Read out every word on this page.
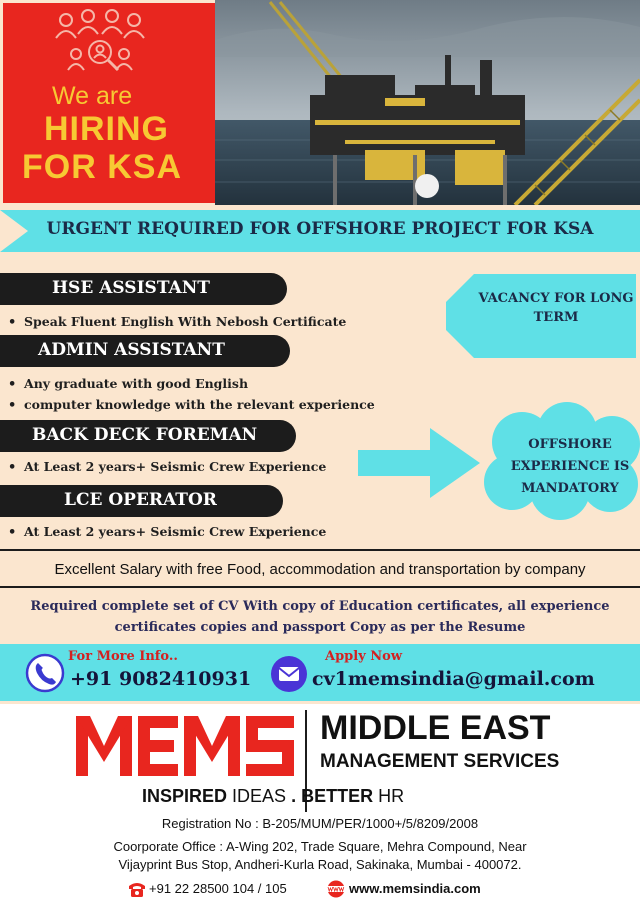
We are
HIRING
FOR KSA
URGENT REQUIRED FOR OFFSHORE PROJECT FOR KSA
HSE ASSISTANT
• Speak Fluent English With Nebosh Certificate
ADMIN ASSISTANT
• Any graduate with good English
• computer knowledge with the relevant experience
BACK DECK FOREMAN
• At Least 2 years+ Seismic Crew Experience
LCE OPERATOR
• At Least 2 years+ Seismic Crew Experience
VACANCY FOR LONG TERM
OFFSHORE
EXPERIENCE IS
MANDATORY
Excellent Salary with free Food, accommodation and transportation by company
Required complete set of CV With copy of Education certificates, all experience
certificates copies and passport Copy as per the Resume
For More Info..
+91 9082410931
Apply Now
cv1memsindia@gmail.com
MIDDLE EAST
MANAGEMENT SERVICES
INSPIRED IDEAS . BETTER HR
Registration No : B-205/MUM/PER/1000+/5/8209/2008
Coorporate Office : A-Wing 202, Trade Square, Mehra Compound, Near
Vijayprint Bus Stop, Andheri-Kurla Road, Sakinaka, Mumbai - 400072.
+91 22 28500 104 / 105	www.memsindia.com
